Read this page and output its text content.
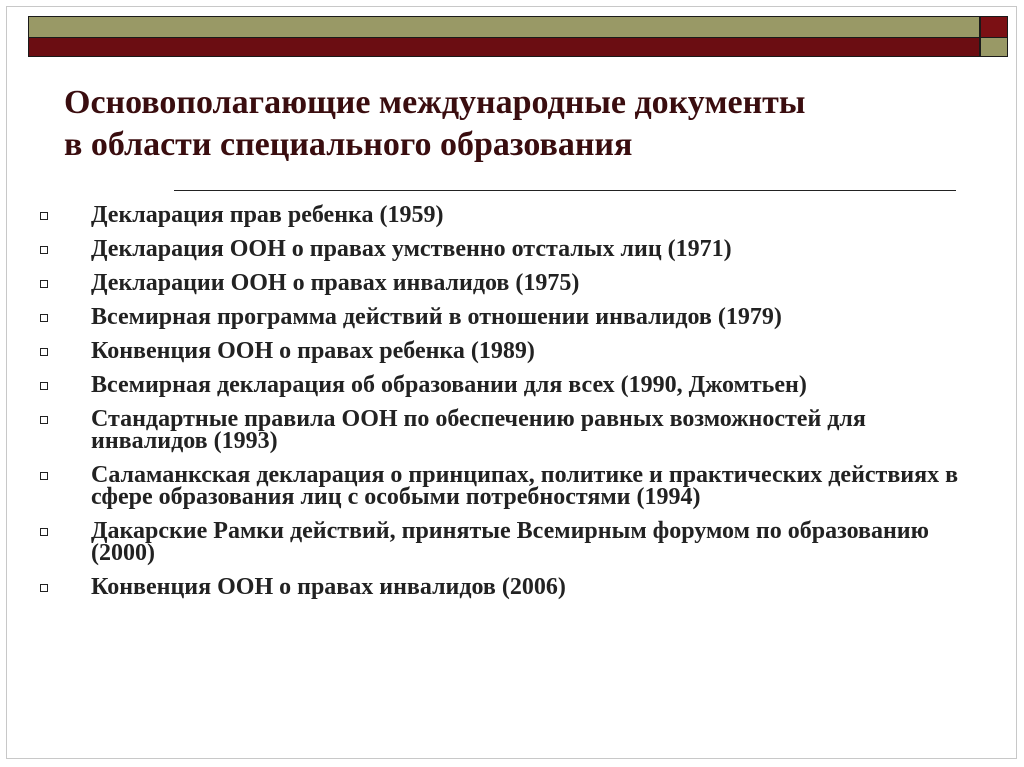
Основополагающие международные документы
в области специального образования
Декларация прав ребенка (1959)
Декларация ООН о правах умственно отсталых лиц (1971)
Декларации ООН о правах инвалидов (1975)
Всемирная программа действий в отношении инвалидов (1979)
Конвенция ООН о правах ребенка (1989)
Всемирная декларация об образовании для всех (1990, Джомтьен)
Стандартные правила ООН по обеспечению равных возможностей для инвалидов (1993)
Саламанкская декларация о принципах, политике и практических действиях в сфере образования лиц с особыми потребностями (1994)
Дакарские Рамки действий, принятые Всемирным форумом по образованию (2000)
Конвенция ООН о правах инвалидов (2006)
